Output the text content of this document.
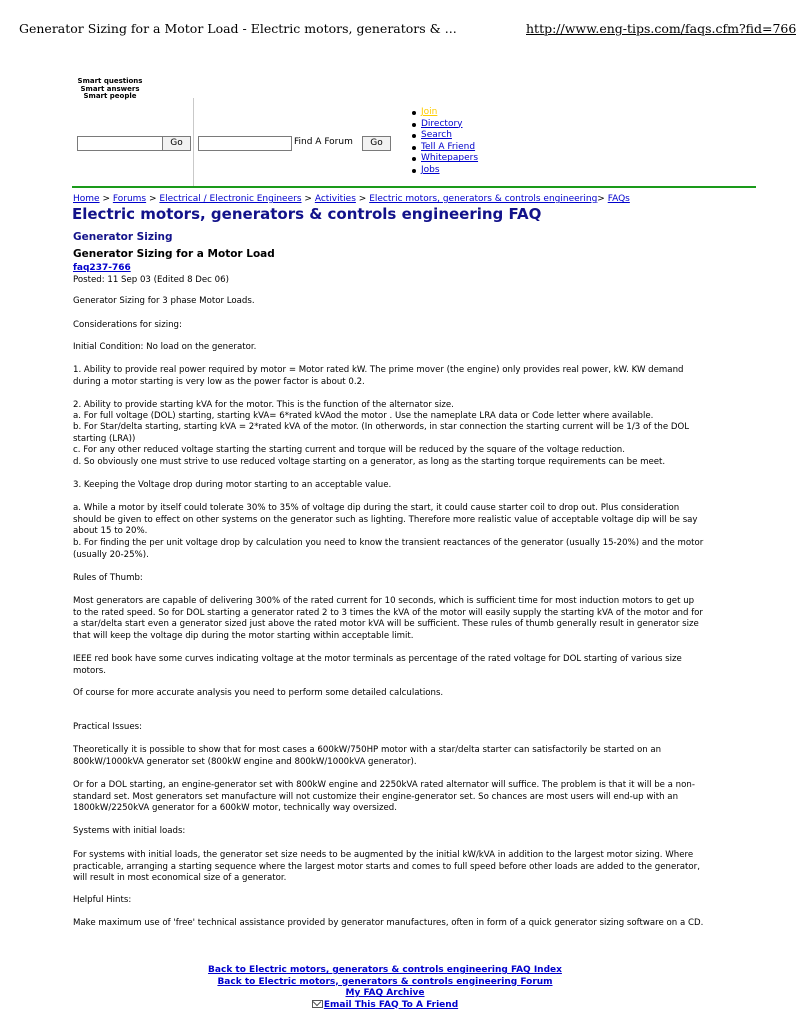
Generator Sizing for a Motor Load - Electric motors, generators & ...	http://www.eng-tips.com/faqs.cfm?fid=766
Smart questions
Smart answers
Smart people
Go	Find A Forum	Go
Join
Directory
Search
Tell A Friend
Whitepapers
Jobs
Home > Forums > Electrical / Electronic Engineers > Activities > Electric motors, generators & controls engineering> FAQs
Electric motors, generators & controls engineering FAQ
Generator Sizing
Generator Sizing for a Motor Load
faq237-766
Posted: 11 Sep 03 (Edited 8 Dec 06)
Generator Sizing for 3 phase Motor Loads.
Considerations for sizing:
Initial Condition: No load on the generator.
1. Ability to provide real power required by motor = Motor rated kW. The prime mover (the engine) only provides real power, kW. KW demand during a motor starting is very low as the power factor is about 0.2.
2. Ability to provide starting kVA for the motor. This is the function of the alternator size.
a. For full voltage (DOL) starting, starting kVA= 6*rated kVAod the motor . Use the nameplate LRA data or Code letter where available.
b. For Star/delta starting, starting kVA = 2*rated kVA of the motor. (In otherwords, in star connection the starting current will be 1/3 of the DOL starting (LRA))
c. For any other reduced voltage starting the starting current and torque will be reduced by the square of the voltage reduction.
d. So obviously one must strive to use reduced voltage starting on a generator, as long as the starting torque requirements can be meet.
3. Keeping the Voltage drop during motor starting to an acceptable value.
a. While a motor by itself could tolerate 30% to 35% of voltage dip during the start, it could cause starter coil to drop out. Plus consideration should be given to effect on other systems on the generator such as lighting. Therefore more realistic value of acceptable voltage dip will be say about 15 to 20%.
b. For finding the per unit voltage drop by calculation you need to know the transient reactances of the generator (usually 15-20%) and the motor (usually 20-25%).
Rules of Thumb:
Most generators are capable of delivering 300% of the rated current for 10 seconds, which is sufficient time for most induction motors to get up to the rated speed. So for DOL starting a generator rated 2 to 3 times the kVA of the motor will easily supply the starting kVA of the motor and for a star/delta start even a generator sized just above the rated motor kVA will be sufficient. These rules of thumb generally result in generator size that will keep the voltage dip during the motor starting within acceptable limit.
IEEE red book have some curves indicating voltage at the motor terminals as percentage of the rated voltage for DOL starting of various size motors.
Of course for more accurate analysis you need to perform some detailed calculations.
Practical Issues:
Theoretically it is possible to show that for most cases a 600kW/750HP motor with a star/delta starter can satisfactorily be started on an 800kW/1000kVA generator set (800kW engine and 800kW/1000kVA generator).
Or for a DOL starting, an engine-generator set with 800kW engine and 2250kVA rated alternator will suffice. The problem is that it will be a non-standard set. Most generators set manufacture will not customize their engine-generator set. So chances are most users will end-up with an 1800kW/2250kVA generator for a 600kW motor, technically way oversized.
Systems with initial loads:
For systems with initial loads, the generator set size needs to be augmented by the initial kW/kVA in addition to the largest motor sizing. Where practicable, arranging a starting sequence where the largest motor starts and comes to full speed before other loads are added to the generator, will result in most economical size of a generator.
Helpful Hints:
Make maximum use of 'free' technical assistance provided by generator manufactures, often in form of a quick generator sizing software on a CD.
Back to Electric motors, generators & controls engineering FAQ Index
Back to Electric motors, generators & controls engineering Forum
My FAQ Archive
Email This FAQ To A Friend
